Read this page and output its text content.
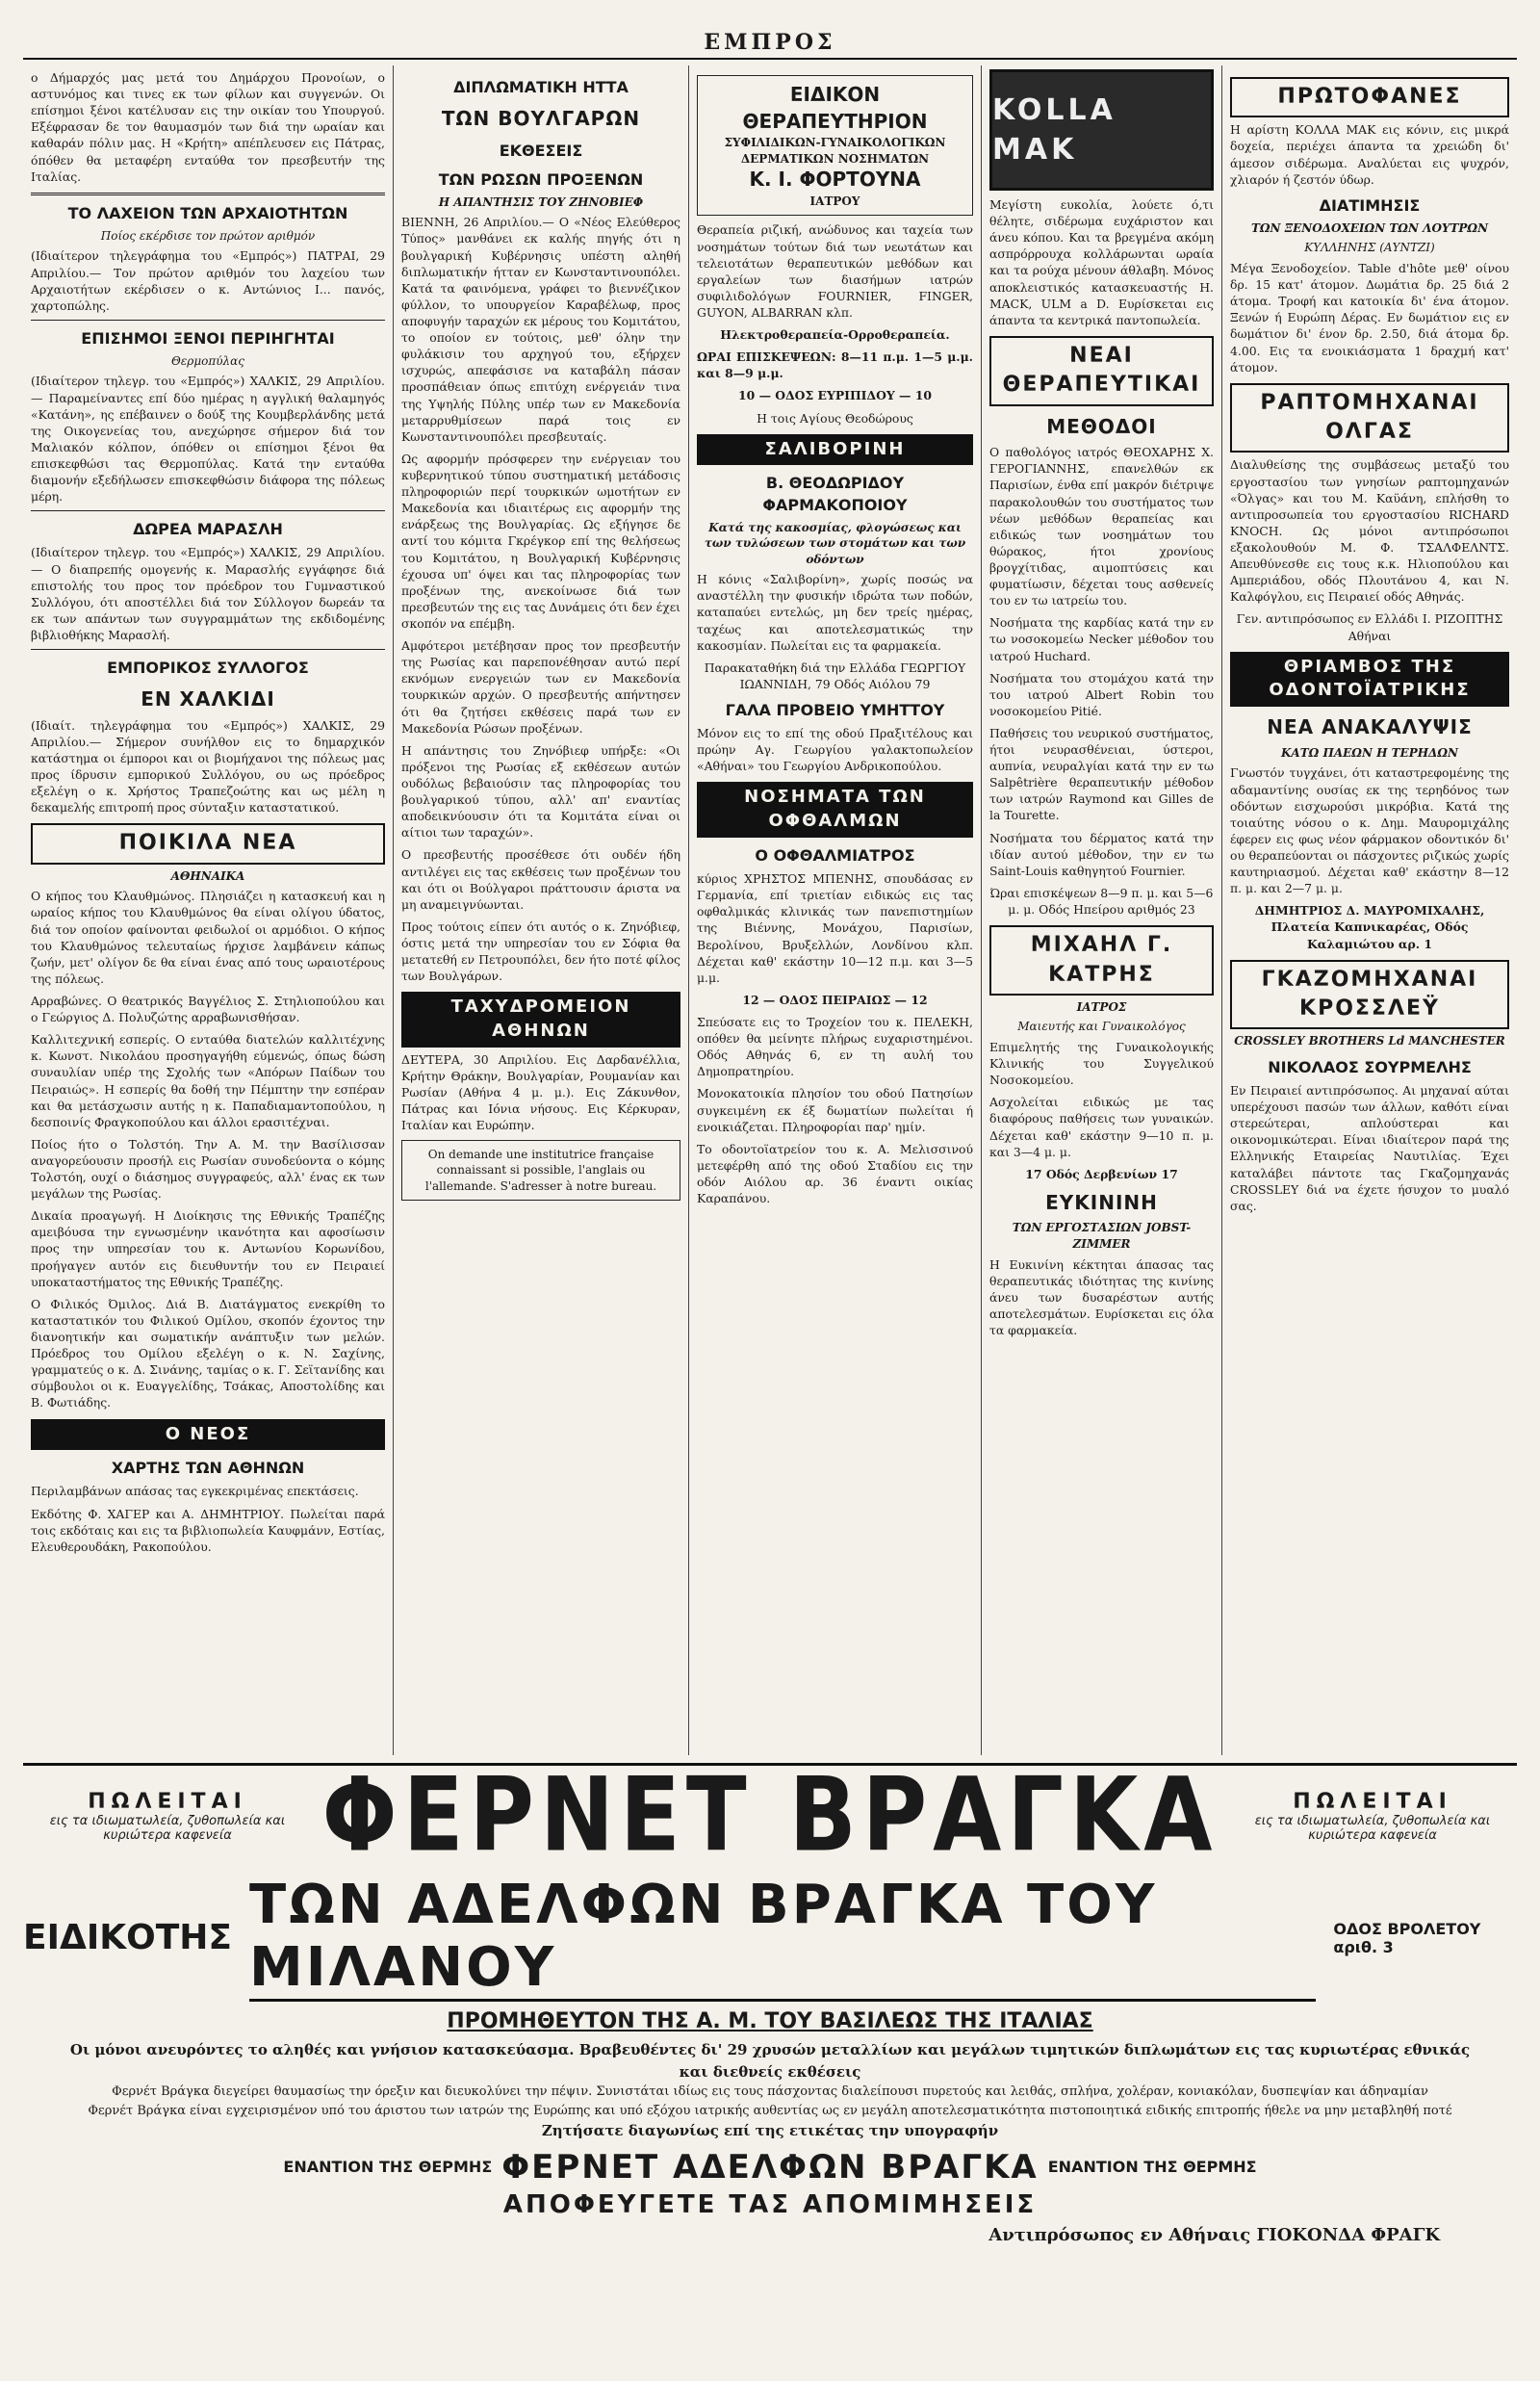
ΕΜΠΡΟΣ

ο Δήμαρχός μας μετά του Δημάρχου Προνοίων, ο αστυνόμος και τινες εκ των φίλων και συγγενών. Οι επίσημοι ξένοι κατέλυσαν εις την οικίαν του Υπουργού. Εξέφρασαν δε τον θαυμασμόν των διά την ωραίαν και καθαράν πόλιν μας. Η «Κρήτη» απέπλευσεν εις Πάτρας, όπόθεν θα μεταφέρη ενταύθα τον πρεσβευτήν της Ιταλίας.

ΤΟ ΛΑΧΕΙΟΝ ΤΩΝ ΑΡΧΑΙΟΤΗΤΩΝ
Ποίος εκέρδισε τον πρώτον αριθμόν

(Ιδιαίτερον τηλεγράφημα του «Εμπρός») ΠΑΤΡΑΙ, 29 Απριλίου.— Τον πρώτον αριθμόν του λαχείου των Αρχαιοτήτων εκέρδισεν ο κ. Αντώνιος Ι... πανός, χαρτοπώλης.

ΕΠΙΣΗΜΟΙ ΞΕΝΟΙ ΠΕΡΙΗΓΗΤΑΙ
Θερμοπύλας

(Ιδιαίτερον τηλεγρ. του «Εμπρός») ΧΑΛΚΙΣ, 29 Απριλίου.— Παραμείναντες επί δύο ημέρας η αγγλική θαλαμηγός «Κατάνη», ης επέβαινεν ο δούξ της Κουμβερλάνδης μετά της Οικογενείας του, ανεχώρησε σήμερον διά τον Μαλιακόν κόλπον, όπόθεν οι επίσημοι ξένοι θα επισκεφθώσι τας Θερμοπύλας. Κατά την ενταύθα διαμονήν εξεδήλωσεν επισκεφθώσιν διάφορα της πόλεως μέρη.

ΔΩΡΕΑ ΜΑΡΑΣΛΗ

(Ιδιαίτερον τηλεγρ. του «Εμπρός») ΧΑΛΚΙΣ, 29 Απριλίου.— Ο διαπρεπής ομογενής κ. Μαρασλής εγγάφησε διά επιστολής του προς τον πρόεδρον του Γυμναστικού Συλλόγου, ότι αποστέλλει διά τον Σύλλογον δωρεάν τα εκ των απάντων των συγγραμμάτων της εκδιδομένης βιβλιοθήκης Μαρασλή.

ΕΜΠΟΡΙΚΟΣ ΣΥΛΛΟΓΟΣ
ΕΝ ΧΑΛΚΙΔΙ

(Ιδιαίτ. τηλεγράφημα του «Εμπρός») ΧΑΛΚΙΣ, 29 Απριλίου.— Σήμερον συνήλθον εις το δημαρχικόν κατάστημα οι έμποροι και οι βιομήχανοι της πόλεως μας προς ίδρυσιν εμπορικού Συλλόγου, ου ως πρόεδρος εξελέγη ο κ. Χρήστος Τραπεζοώτης και ως μέλη η δεκαμελής επιτροπή προς σύνταξιν καταστατικού.

ΠΟΙΚΙΛΑ ΝΕΑ
ΑΘΗΝΑΙΚΑ

Ο κήπος του Κλαυθμώνος. Πλησιάζει η κατασκευή και η ωραίος κήπος του Κλαυθμώνος θα είναι ολίγου ύδατος, διά τον οποίον φαίνονται φειδωλοί οι αρμόδιοι. Ο κήπος του Κλαυθμώνος τελευταίως ήρχισε λαμβάνειν κάπως ζωήν, μετ' ολίγον δε θα είναι ένας από τους ωραιοτέρους της πόλεως.

Αρραβώνες. Ο θεατρικός Βαγγέλιος Σ. Στηλιοπούλου και ο Γεώργιος Δ. Πολυζώτης αρραβωνισθήσαν.

Καλλιτεχνική εσπερίς. Ο ενταύθα διατελών καλλιτέχνης κ. Κωνστ. Νικολάου προσηγαγήθη εύμενώς, όπως δώση συναυλίαν υπέρ της Σχολής των «Απόρων Παίδων του Πειραιώς». Η εσπερίς θα δοθή την Πέμπτην την εσπέραν και θα μετάσχωσιν αυτής η κ. Παπαδιαμαντοπούλου, η δεσποινίς Φραγκοπούλου και άλλοι ερασιτέχναι.

Ποίος ήτο ο Τολστόη. Την Α. Μ. την Βασίλισσαν αναγορεύουσιν προσήλ εις Ρωσίαν συνοδεύοντα ο κόμης Τολστόη, ουχί ο διάσημος συγγραφεύς, αλλ' ένας εκ των μεγάλων της Ρωσίας.

Δικαία προαγωγή. Η Διοίκησις της Εθνικής Τραπέζης αμειβόυσα την εγνωσμένην ικανότητα και αφοσίωσιν προς την υπηρεσίαν του κ. Αντωνίου Κορωνίδου, προήγαγεν αυτόν εις διευθυντήν του εν Πειραιεί υποκαταστήματος της Εθνικής Τραπέζης.

Ο Φιλικός Όμιλος. Διά Β. Διατάγματος ενεκρίθη το καταστατικόν του Φιλικού Ομίλου, σκοπόν έχοντος την διανοητικήν και σωματικήν ανάπτυξιν των μελών. Πρόεδρος του Ομίλου εξελέγη ο κ. Ν. Σαχίνης, γραμματεύς ο κ. Δ. Σινάνης, ταμίας ο κ. Γ. Σεϊτανίδης και σύμβουλοι οι κ. Ευαγγελίδης, Τσάκας, Αποστολίδης και Β. Φωτιάδης.

Ο ΝΕΟΣ
ΧΑΡΤΗΣ ΤΩΝ ΑΘΗΝΩΝ

Περιλαμβάνων απάσας τας εγκεκριμένας επεκτάσεις.

Εκδότης Φ. ΧΑΓΕΡ και Α. ΔΗΜΗΤΡΙΟΥ. Πωλείται παρά τοις εκδόταις και εις τα βιβλιοπωλεία Καυφμάνν, Εστίας, Ελευθερουδάκη, Ρακοπούλου.

ΔΙΠΛΩΜΑΤΙΚΗ ΗΤΤΑ
ΤΩΝ ΒΟΥΛΓΑΡΩΝ
ΕΚΘΕΣΕΙΣ
ΤΩΝ ΡΩΣΩΝ ΠΡΟΞΕΝΩΝ
Η ΑΠΑΝΤΗΣΙΣ ΤΟΥ ΖΗΝΟΒΙΕΦ

ΒΙΕΝΝΗ, 26 Απριλίου.— Ο «Νέος Ελεύθερος Τύπος» μανθάνει εκ καλής πηγής ότι η βουλγαρική Κυβέρνησις υπέστη αληθή διπλωματικήν ήτταν εν Κωνσταντινουπόλει. Κατά τα φαινόμενα, γράφει το βιεννέζικον φύλλον, το υπουργείον Καραβέλωφ, προς αποφυγήν ταραχών εκ μέρους του Κομιτάτου, το οποίον εν τούτοις, μεθ' όλην την φυλάκισιν του αρχηγού του, εξήρχεν ισχυρώς, απεφάσισε να καταβάλη πάσαν προσπάθειαν όπως επιτύχη ενέργειάν τινα της Υψηλής Πύλης υπέρ των εν Μακεδονία μεταρρυθμίσεων παρά τοις εν Κωνσταντινουπόλει πρεσβευταίς.

Ως αφορμήν πρόσφερεν την ενέργειαν του κυβερνητικού τύπου συστηματική μετάδοσις πληροφοριών περί τουρκικών ωμοτήτων εν Μακεδονία και ιδιαιτέρως εις αφορμήν της ενάρξεως της Βουλγαρίας. Ως εξήγησε δε αντί του κόμιτα Γκρέγκορ επί της θελήσεως του Κομιτάτου, η Βουλγαρική Κυβέρνησις έχουσα υπ' όψει και τας πληροφορίας των προξένων της, ανεκοίνωσε διά των πρεσβευτών της εις τας Δυνάμεις ότι δεν έχει σκοπόν να επέμβη.

Αμφότεροι μετέβησαν προς τον πρεσβευτήν της Ρωσίας και παρεπονέθησαν αυτώ περί εκνόμων ενεργειών των εν Μακεδονία τουρκικών αρχών. Ο πρεσβευτής απήντησεν ότι θα ζητήσει εκθέσεις παρά των εν Μακεδονία Ρώσων προξένων.

Η απάντησις του Ζηνόβιεφ υπήρξε: «Οι πρόξενοι της Ρωσίας εξ εκθέσεων αυτών ουδόλως βεβαιούσιν τας πληροφορίας του βουλγαρικού τύπου, αλλ' απ' εναντίας αποδεικνύουσιν ότι τα Κομιτάτα είναι οι αίτιοι των ταραχών».

Ο πρεσβευτής προσέθεσε ότι ουδέν ήδη αντιλέγει εις τας εκθέσεις των προξένων του και ότι οι Βούλγαροι πράττουσιν άριστα να μη αναμειγνύωνται.

Προς τούτοις είπεν ότι αυτός ο κ. Ζηνόβιεφ, όστις μετά την υπηρεσίαν του εν Σόφια θα μετατεθή εν Πετρουπόλει, δεν ήτο ποτέ φίλος των Βουλγάρων.

ΤΑΧΥΔΡΟΜΕΙΟΝ ΑΘΗΝΩΝ

ΔΕΥΤΕΡΑ, 30 Απριλίου. Εις Δαρδανέλλια, Κρήτην Θράκην, Βουλγαρίαν, Ρουμανίαν και Ρωσίαν (Αθήνα 4 μ. μ.). Εις Ζάκυνθον, Πάτρας και Ιόνια νήσους. Εις Κέρκυραν, Ιταλίαν και Ευρώπην.

On demande une institutrice française connaissant si possible, l'anglais ou l'allemande. S'adresser à notre bureau.
ΕΙΔΙΚΟΝ
ΘΕΡΑΠΕΥΤΗΡΙΟΝ
ΣΥΦΙΛΙΔΙΚΩΝ-ΓΥΝΑΙΚΟΛΟΓΙΚΩΝ ΔΕΡΜΑΤΙΚΩΝ ΝΟΣΗΜΑΤΩΝ
Κ. Ι. ΦΟΡΤΟΥΝΑ
ΙΑΤΡΟΥ

Θεραπεία ριζική, ανώδυνος και ταχεία των νοσημάτων τούτων διά των νεωτάτων και τελειοτάτων θεραπευτικών μεθόδων και εργαλείων των διασήμων ιατρών συφιλιδολόγων FOURNIER, FINGER, GUYON, ALBARRAN κλπ.

Ηλεκτροθεραπεία-Ορροθεραπεία.

ΩΡΑΙ ΕΠΙΣΚΕΨΕΩΝ: 8—11 π.μ. 1—5 μ.μ. και 8—9 μ.μ.

10 — ΟΔΟΣ ΕΥΡΙΠΙΔΟΥ — 10

Η τοις Αγίους Θεοδώρους

ΣΑΛΙΒΟΡΙΝΗ
Β. ΘΕΟΔΩΡΙΔΟΥ ΦΑΡΜΑΚΟΠΟΙΟΥ
Κατά της κακοσμίας, φλογώσεως και των τυλώσεων των στομάτων και των οδόντων

Η κόνις «Σαλιβορίνη», χωρίς ποσώς να αναστέλλη την φυσικήν ιδρώτα των ποδών, καταπαύει εντελώς, μη δεν τρείς ημέρας, ταχέως και αποτελεσματικώς την κακοσμίαν. Πωλείται εις τα φαρμακεία.

Παρακαταθήκη διά την Ελλάδα ΓΕΩΡΓΙΟΥ ΙΩΑΝΝΙΔΗ, 79 Οδός Αιόλου 79

ΓΑΛΑ ΠΡΟΒΕΙΟ ΥΜΗΤΤΟΥ

Μόνον εις το επί της οδού Πραξιτέλους και πρώην Αγ. Γεωργίου γαλακτοπωλείον «Αθήναι» του Γεωργίου Ανδρικοπούλου.

ΝΟΣΗΜΑΤΑ ΤΩΝ ΟΦΘΑΛΜΩΝ
Ο ΟΦΘΑΛΜΙΑΤΡΟΣ

κύριος ΧΡΗΣΤΟΣ ΜΠΕΝΗΣ, σπουδάσας εν Γερμανία, επί τριετίαν ειδικώς εις τας οφθαλμικάς κλινικάς των πανεπιστημίων της Βιέννης, Μονάχου, Παρισίων, Βερολίνου, Βρυξελλών, Λονδίνου κλπ. Δέχεται καθ' εκάστην 10—12 π.μ. και 3—5 μ.μ.

12 — ΟΔΟΣ ΠΕΙΡΑΙΩΣ — 12

Σπεύσατε εις το Τροχείον του κ. ΠΕΛΕΚΗ, οπόθεν θα μείνητε πλήρως ευχαριστημένοι. Οδός Αθηνάς 6, εν τη αυλή του Δημοπρατηρίου.

Μονοκατοικία πλησίον του οδού Πατησίων συγκειμένη εκ έξ δωματίων πωλείται ή ενοικιάζεται. Πληροφορίαι παρ' ημίν.

Το οδοντοϊατρείον του κ. Α. Μελισσινού μετεφέρθη από της οδού Σταδίου εις την οδόν Αιόλου αρ. 36 έναντι οικίας Καραπάνου.

KOLLA MAK

Μεγίστη ευκολία, λούετε ό,τι θέλητε, σιδέρωμα ευχάριστον και άνευ κόπου. Και τα βρεγμένα ακόμη ασπρόρρουχα κολλάρωνται ωραία και τα ρούχα μένουν άθλαβη. Μόνος αποκλειστικός κατασκευαστής H. MACK, ULM a D. Ευρίσκεται εις άπαντα τα κεντρικά παντοπωλεία.

ΝΕΑΙ ΘΕΡΑΠΕΥΤΙΚΑΙ
ΜΕΘΟΔΟΙ

Ο παθολόγος ιατρός ΘΕΟΧΑΡΗΣ Χ. ΓΕΡΟΓΙΑΝΝΗΣ, επανελθών εκ Παρισίων, ένθα επί μακρόν διέτριψε παρακολουθών του συστήματος των νέων μεθόδων θεραπείας και ειδικώς των νοσημάτων του θώρακος, ήτοι χρονίους βρογχίτιδας, αιμοπτύσεις και φυματίωσιν, δέχεται τους ασθενείς του εν τω ιατρείω του.

Νοσήματα της καρδίας κατά την εν τω νοσοκομείω Necker μέθοδον του ιατρού Huchard.

Νοσήματα του στομάχου κατά την του ιατρού Albert Robin του νοσοκομείου Pitié.

Παθήσεις του νευρικού συστήματος, ήτοι νευρασθένειαι, ύστεροι, αυπνία, νευραλγίαι κατά την εν τω Salpêtrière θεραπευτικήν μέθοδον των ιατρών Raymond και Gilles de la Tourette.

Νοσήματα του δέρματος κατά την ιδίαν αυτού μέθοδον, την εν τω Saint-Louis καθηγητού Fournier.

Ώραι επισκέψεων 8—9 π. μ. και 5—6 μ. μ. Οδός Ηπείρου αριθμός 23

ΜΙΧΑΗΛ Γ. ΚΑΤΡΗΣ
ΙΑΤΡΟΣ
Μαιευτής και Γυναικολόγος

Επιμελητής της Γυναικολογικής Κλινικής του Συγγελικού Νοσοκομείου.

Ασχολείται ειδικώς με τας διαφόρους παθήσεις των γυναικών. Δέχεται καθ' εκάστην 9—10 π. μ. και 3—4 μ. μ.

17 Οδός Δερβενίων 17

ΕΥΚΙΝΙΝΗ
ΤΩΝ ΕΡΓΟΣΤΑΣΙΩΝ JOBST-ZIMMER

Η Ευκινίνη κέκτηται άπασας τας θεραπευτικάς ιδιότητας της κινίνης άνευ των δυσαρέστων αυτής αποτελεσμάτων. Ευρίσκεται εις όλα τα φαρμακεία.

ΠΡΩΤΟΦΑΝΕΣ

Η αρίστη ΚΟΛΛΑ ΜΑΚ εις κόνιν, εις μικρά δοχεία, περιέχει άπαντα τα χρειώδη δι' άμεσον σιδέρωμα. Αναλύεται εις ψυχρόν, χλιαρόν ή ζεστόν ύδωρ.

ΔΙΑΤΙΜΗΣΙΣ
ΤΩΝ ΞΕΝΟΔΟΧΕΙΩΝ ΤΩΝ ΛΟΥΤΡΩΝ
ΚΥΛΛΗΝΗΣ (ΑΥΝΤΖΙ)

Μέγα Ξενοδοχείον. Table d'hôte μεθ' οίνου δρ. 15 κατ' άτομον. Δωμάτια δρ. 25 διά 2 άτομα. Τροφή και κατοικία δι' ένα άτομον. Ξενών ή Ευρώπη Δέρας. Εν δωμάτιον εις εν δωμάτιον δι' ένον δρ. 2.50, διά άτομα δρ. 4.00. Εις τα ενοικιάσματα 1 δραχμή κατ' άτομον.

ΡΑΠΤΟΜΗΧΑΝΑΙ ΟΛΓΑΣ

Διαλυθείσης της συμβάσεως μεταξύ του εργοστασίου των γνησίων ραπτομηχανών «Όλγας» και του Μ. Καϋάνη, επλήσθη το αντιπροσωπεία του εργοστασίου RICHARD KNOCH. Ως μόνοι αντιπρόσωποι εξακολουθούν Μ. Φ. ΤΣΑΛΦΕΛΝΤΣ. Απευθύνεσθε εις τους κ.κ. Ηλιοπούλου και Αμπεριάδου, οδός Πλουτάνου 4, και Ν. Καλφόγλου, εις Πειραιεί οδός Αθηνάς.

Γεν. αντιπρόσωπος εν Ελλάδι Ι. ΡΙΖΟΠΤΗΣ Αθήναι

ΘΡΙΑΜΒΟΣ ΤΗΣ ΟΔΟΝΤΟΪΑΤΡΙΚΗΣ
ΝΕΑ ΑΝΑΚΑΛΥΨΙΣ
ΚΑΤΩ ΠΑΕΩΝ Η ΤΕΡΗΔΩΝ

Γνωστόν τυγχάνει, ότι καταστρεφομένης της αδαμαντίνης ουσίας εκ της τερηδόνος των οδόντων εισχωρούσι μικρόβια. Κατά της τοιαύτης νόσου ο κ. Δημ. Μαυρομιχάλης έφερεν εις φως νέον φάρμακον οδοντικόν δι' ου θεραπεύονται οι πάσχοντες ριζικώς χωρίς καυτηριασμού. Δέχεται καθ' εκάστην 8—12 π. μ. και 2—7 μ. μ.

ΔΗΜΗΤΡΙΟΣ Δ. ΜΑΥΡΟΜΙΧΑΛΗΣ, Πλατεία Καπνικαρέας, Οδός Καλαμιώτου αρ. 1

ΓΚΑΖΟΜΗΧΑΝΑΙ ΚΡΟΣΣΛΕΫ
CROSSLEY BROTHERS Ld MANCHESTER
ΝΙΚΟΛΑΟΣ ΣΟΥΡΜΕΛΗΣ

Εν Πειραιεί αντιπρόσωπος. Αι μηχαναί αύται υπερέχουσι πασών των άλλων, καθότι είναι στερεώτεραι, απλούστεραι και οικονομικώτεραι. Είναι ιδιαίτερον παρά της Ελληνικής Εταιρείας Ναυτιλίας. Έχει καταλάβει πάντοτε τας Γκαζομηχανάς CROSSLEY διά να έχετε ήσυχον το μυαλό σας.

ΠΩΛΕΙΤΑΙ
εις τα ιδιωματωλεία, ζυθοπωλεία και κυριώτερα καφενεία	ΦΕΡΝΕΤ ΒΡΑΓΚΑ	ΠΩΛΕΙΤΑΙ
εις τα ιδιωματωλεία, ζυθοπωλεία και κυριώτερα καφενεία
ΕΙΔΙΚΟΤΗΣ
ΤΩΝ ΑΔΕΛΦΩΝ ΒΡΑΓΚΑ ΤΟΥ ΜΙΛΑΝΟΥ
ΟΔΟΣ ΒΡΟΛΕΤΟΥ αριθ. 3
ΠΡΟΜΗΘΕΥΤΟΝ ΤΗΣ Α. Μ. ΤΟΥ ΒΑΣΙΛΕΩΣ ΤΗΣ ΙΤΑΛΙΑΣ
Οι μόνοι ανευρόντες το αληθές και γνήσιον κατασκεύασμα. Βραβευθέντες δι' 29 χρυσών μεταλλίων και μεγάλων τιμητικών διπλωμάτων εις τας κυριωτέρας εθνικάς και διεθνείς εκθέσεις
Φερνέτ Βράγκα διεγείρει θαυμασίως την όρεξιν και διευκολύνει την πέψιν. Συνιστάται ιδίως εις τους πάσχοντας διαλείπουσι πυρετούς και λειθάς, σπλήνα, χολέραν, κονιακόλαν, δυσπεψίαν και άδηναμίαν
Φερνέτ Βράγκα είναι εγχειρισμένον υπό του άριστου των ιατρών της Ευρώπης και υπό εξόχου ιατρικής αυθεντίας ως εν μεγάλη αποτελεσματικότητα πιστοποιητικά ειδικής επιτροπής ήθελε να μην μεταβληθή ποτέ
Ζητήσατε διαγωνίως επί της ετικέτας την υπογραφήν
ΕΝΑΝΤΙΟΝ ΤΗΣ ΘΕΡΜΗΣ ΦΕΡΝΕΤ ΑΔΕΛΦΩΝ ΒΡΑΓΚΑ ΕΝΑΝΤΙΟΝ ΤΗΣ ΘΕΡΜΗΣ
ΑΠΟΦΕΥΓΕΤΕ ΤΑΣ ΑΠΟΜΙΜΗΣΕΙΣ
Αντιπρόσωπος εν Αθήναις ΓΙΟΚΟΝΔΑ ΦΡΑΓΚ
